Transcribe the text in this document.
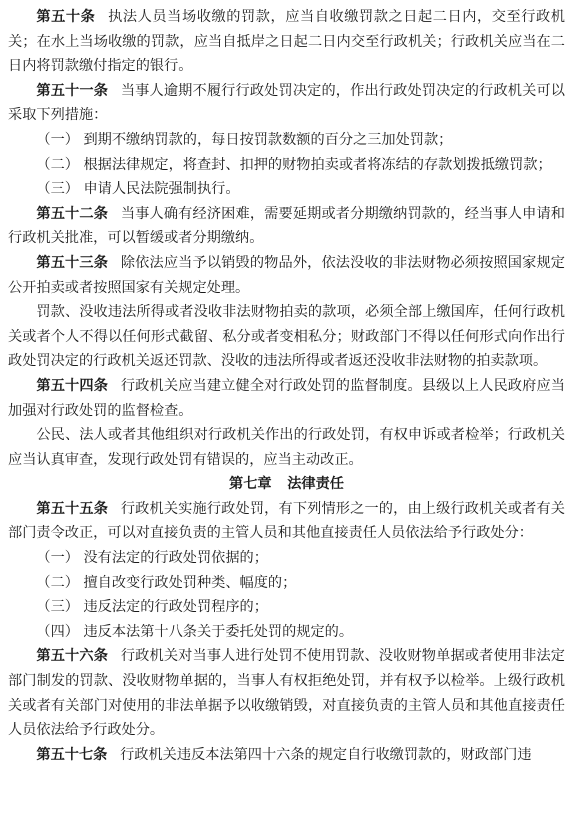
第五十条 执法人员当场收缴的罚款，应当自收缴罚款之日起二日内，交至行政机关；在水上当场收缴的罚款，应当自抵岸之日起二日内交至行政机关；行政机关应当在二日内将罚款缴付指定的银行。

第五十一条 当事人逾期不履行行政处罚决定的，作出行政处罚决定的行政机关可以采取下列措施：

（一） 到期不缴纳罚款的，每日按罚款数额的百分之三加处罚款；

（二） 根据法律规定，将查封、扣押的财物拍卖或者将冻结的存款划拨抵缴罚款；

（三） 申请人民法院强制执行。

第五十二条 当事人确有经济困难，需要延期或者分期缴纳罚款的，经当事人申请和行政机关批准，可以暂缓或者分期缴纳。

第五十三条 除依法应当予以销毁的物品外，依法没收的非法财物必须按照国家规定公开拍卖或者按照国家有关规定处理。

罚款、没收违法所得或者没收非法财物拍卖的款项，必须全部上缴国库，任何行政机关或者个人不得以任何形式截留、私分或者变相私分；财政部门不得以任何形式向作出行政处罚决定的行政机关返还罚款、没收的违法所得或者返还没收非法财物的拍卖款项。

第五十四条 行政机关应当建立健全对行政处罚的监督制度。县级以上人民政府应当加强对行政处罚的监督检查。

公民、法人或者其他组织对行政机关作出的行政处罚，有权申诉或者检举；行政机关应当认真审查，发现行政处罚有错误的，应当主动改正。

第七章 法律责任

第五十五条 行政机关实施行政处罚，有下列情形之一的，由上级行政机关或者有关部门责令改正，可以对直接负责的主管人员和其他直接责任人员依法给予行政处分：

（一） 没有法定的行政处罚依据的；

（二） 擅自改变行政处罚种类、幅度的；

（三） 违反法定的行政处罚程序的；

（四） 违反本法第十八条关于委托处罚的规定的。

第五十六条 行政机关对当事人进行处罚不使用罚款、没收财物单据或者使用非法定部门制发的罚款、没收财物单据的，当事人有权拒绝处罚，并有权予以检举。上级行政机关或者有关部门对使用的非法单据予以收缴销毁，对直接负责的主管人员和其他直接责任人员依法给予行政处分。

第五十七条 行政机关违反本法第四十六条的规定自行收缴罚款的，财政部门违
